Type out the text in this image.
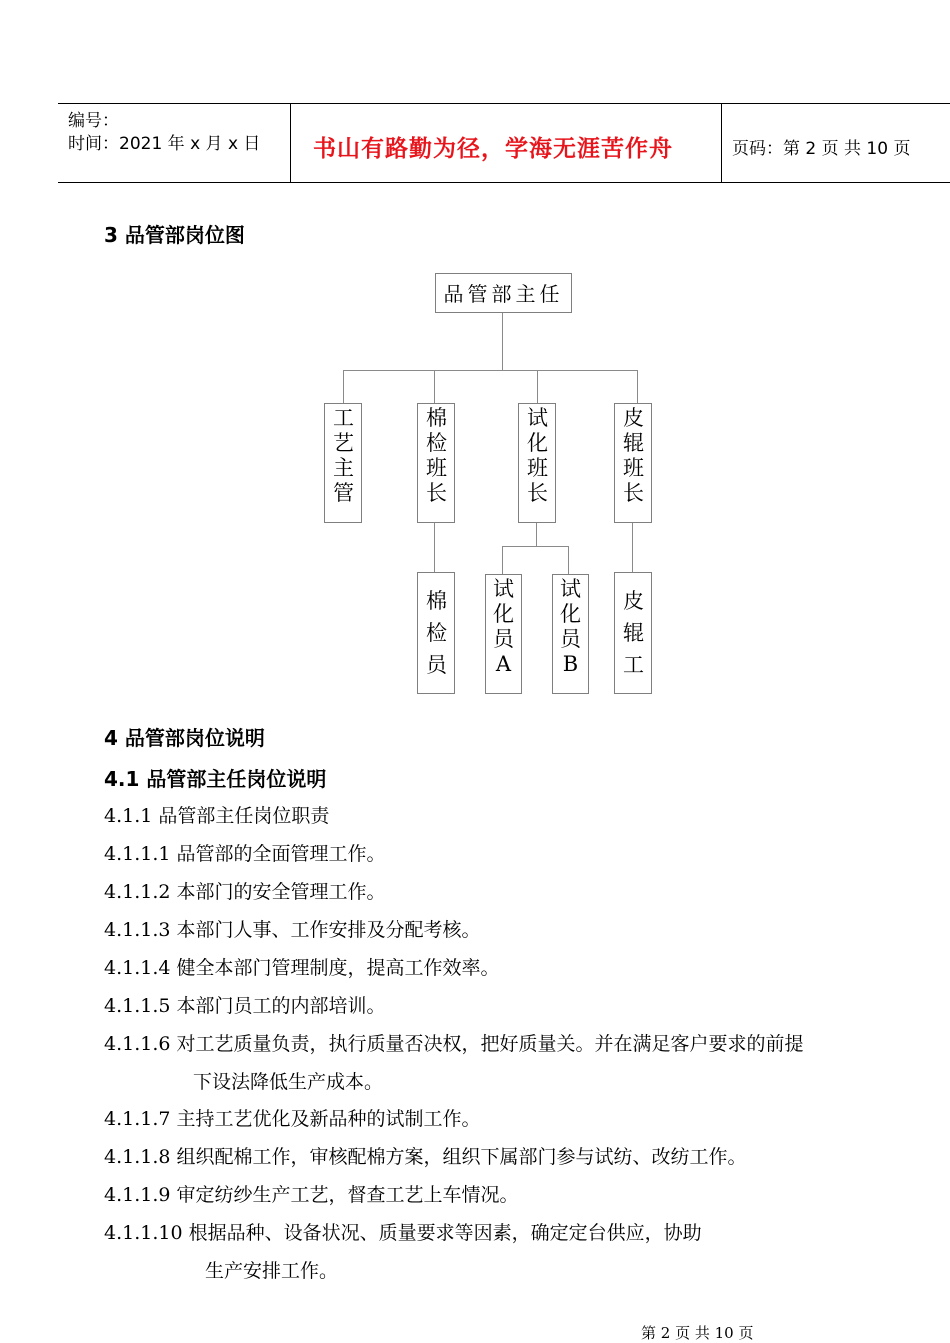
编号：
时间：2021 年 x 月 x 日 书山有路勤为径，学海无涯苦作舟	页码：第 2 页 共 10 页
3 品管部岗位图
品管部主任
工艺主管
棉检班长
试化班长
皮辊班长
棉检员
试
化
员
A
试
化
员
B
皮辊工
4 品管部岗位说明
4.1 品管部主任岗位说明
4.1.1 品管部主任岗位职责
4.1.1.1 品管部的全面管理工作。
4.1.1.2 本部门的安全管理工作。
4.1.1.3 本部门人事、工作安排及分配考核。
4.1.1.4 健全本部门管理制度，提高工作效率。
4.1.1.5 本部门员工的内部培训。
4.1.1.6 对工艺质量负责，执行质量否决权，把好质量关。并在满足客户要求的前提
下设法降低生产成本。
4.1.1.7 主持工艺优化及新品种的试制工作。
4.1.1.8 组织配棉工作，审核配棉方案，组织下属部门参与试纺、改纺工作。
4.1.1.9 审定纺纱生产工艺，督查工艺上车情况。
4.1.1.10 根据品种、设备状况、质量要求等因素，确定定台供应，协助
生产安排工作。
第 2 页 共 10 页
